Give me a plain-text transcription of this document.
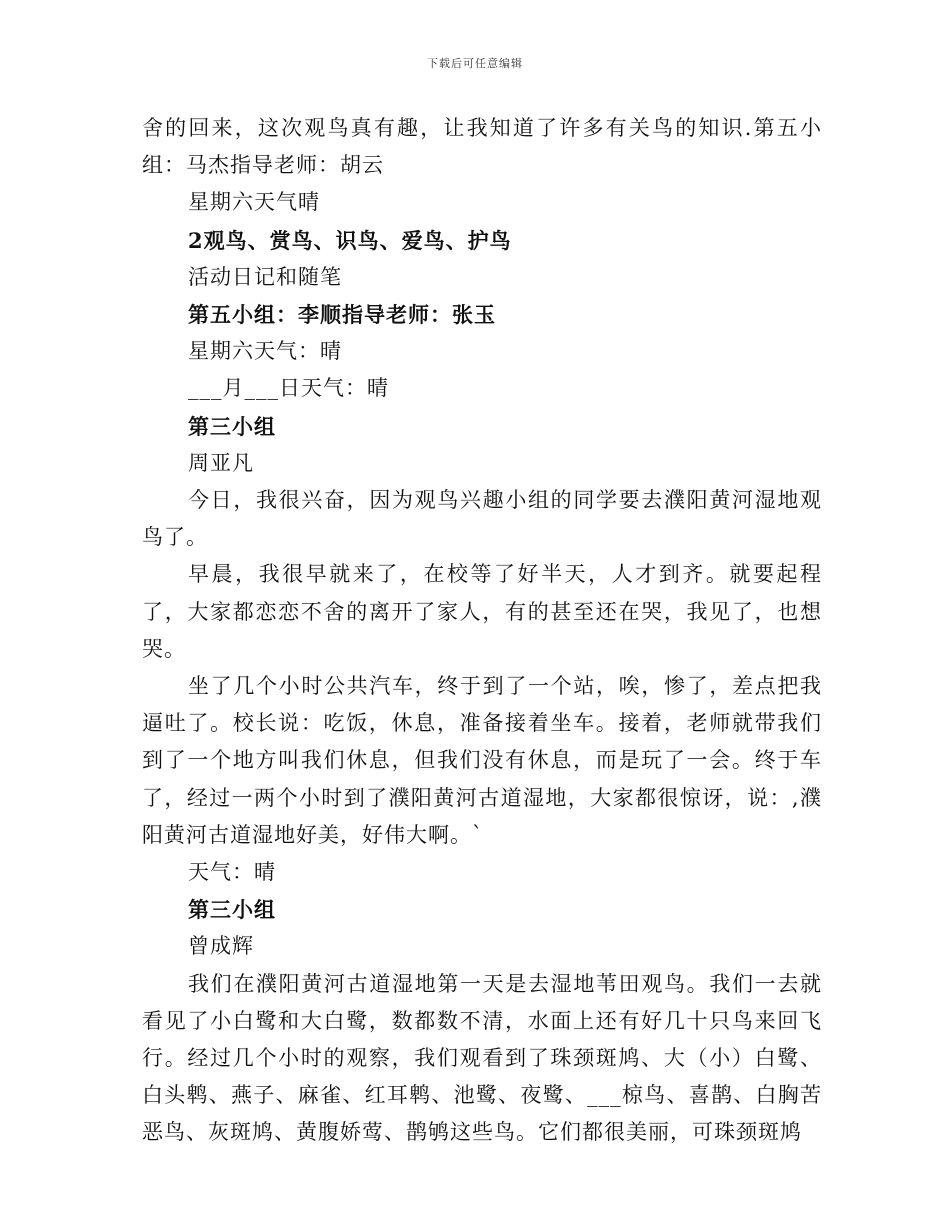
下载后可任意编辑

舍的回来，这次观鸟真有趣，让我知道了许多有关鸟的知识.第五小组：马杰指导老师：胡云

星期六天气晴

2观鸟、赏鸟、识鸟、爱鸟、护鸟

活动日记和随笔

第五小组：李顺指导老师：张玉

星期六天气：晴

___月___日天气：晴

第三小组

周亚凡

今日，我很兴奋，因为观鸟兴趣小组的同学要去濮阳黄河湿地观鸟了。

早晨，我很早就来了，在校等了好半天，人才到齐。就要起程了，大家都恋恋不舍的离开了家人，有的甚至还在哭，我见了，也想哭。

坐了几个小时公共汽车，终于到了一个站，唉，惨了，差点把我逼吐了。校长说：吃饭，休息，准备接着坐车。接着，老师就带我们到了一个地方叫我们休息，但我们没有休息，而是玩了一会。终于车了，经过一两个小时到了濮阳黄河古道湿地，大家都很惊讶，说：,濮阳黄河古道湿地好美，好伟大啊。`

天气：晴

第三小组

曾成辉

我们在濮阳黄河古道湿地第一天是去湿地苇田观鸟。我们一去就看见了小白鹭和大白鹭，数都数不清，水面上还有好几十只鸟来回飞行。经过几个小时的观察，我们观看到了珠颈斑鸠、大（小）白鹭、白头鹎、燕子、麻雀、红耳鹎、池鹭、夜鹭、___椋鸟、喜鹊、白胸苦恶鸟、灰斑鸠、黄腹娇莺、鹊鸲这些鸟。它们都很美丽，可珠颈斑鸠
